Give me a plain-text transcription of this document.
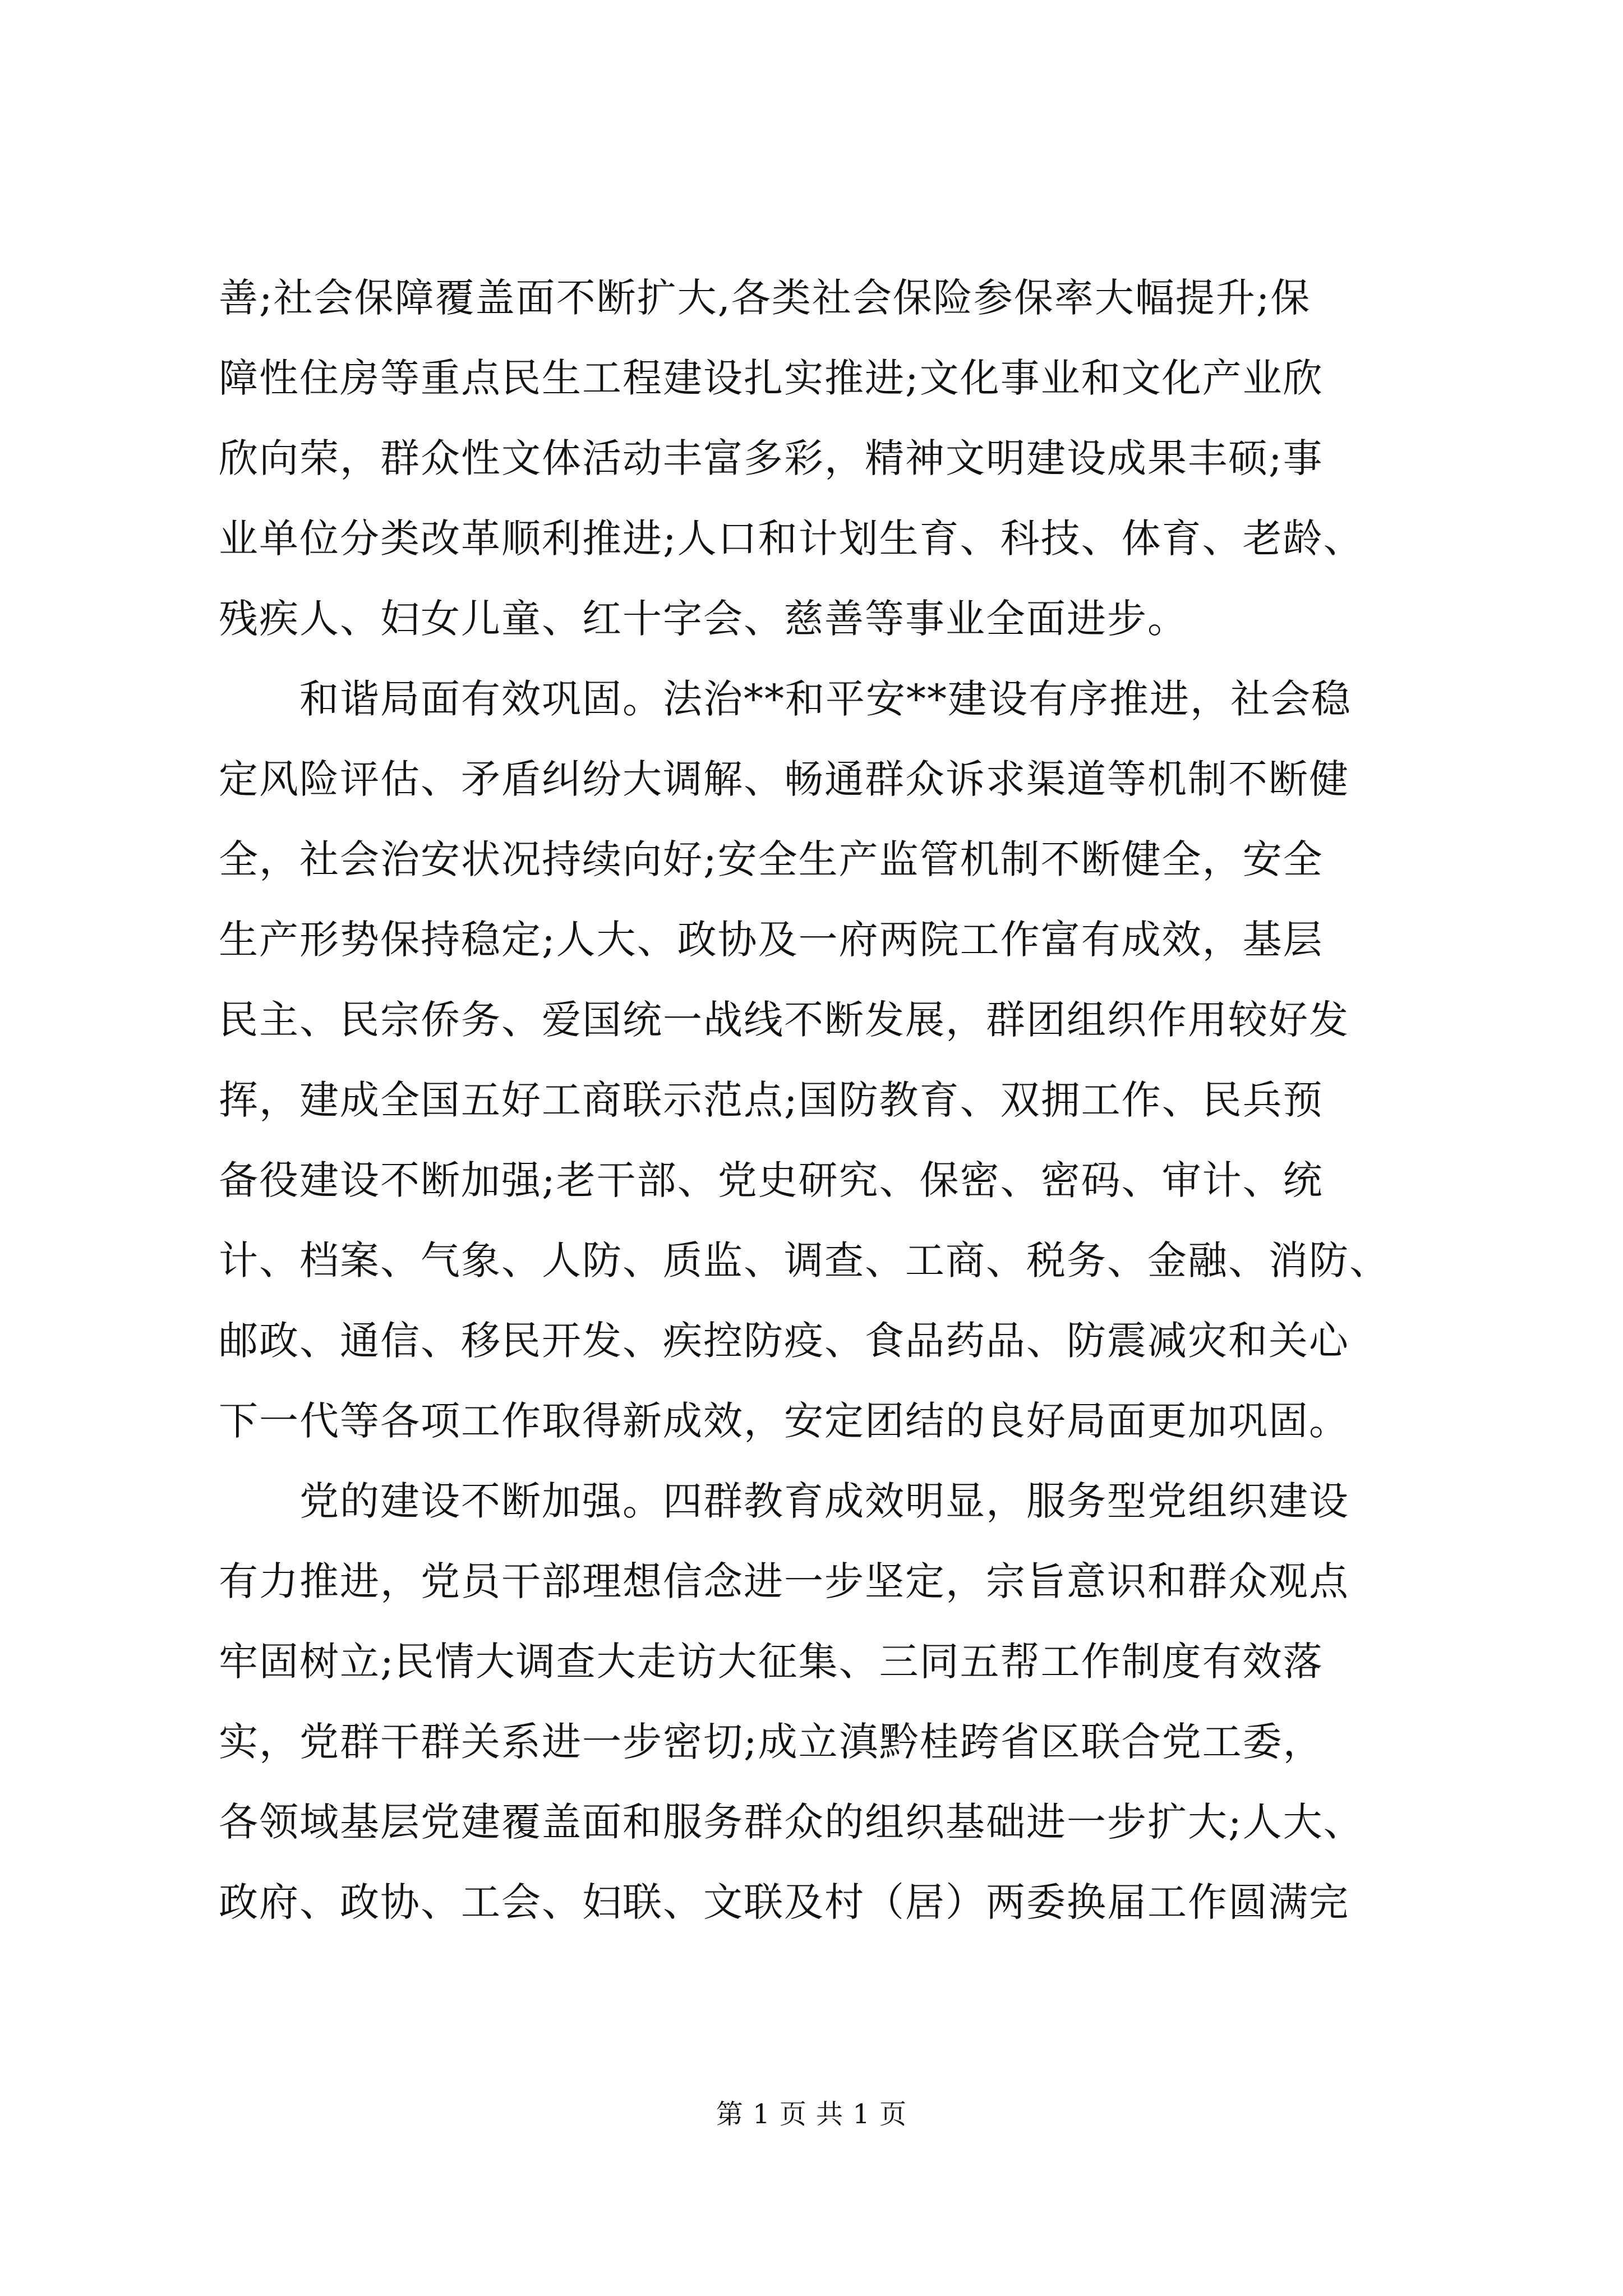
善;社会保障覆盖面不断扩大,各类社会保险参保率大幅提升;保
障性住房等重点民生工程建设扎实推进;文化事业和文化产业欣
欣向荣，群众性文体活动丰富多彩，精神文明建设成果丰硕;事
业单位分类改革顺利推进;人口和计划生育、科技、体育、老龄、
残疾人、妇女儿童、红十字会、慈善等事业全面进步。
　　和谐局面有效巩固。法治**和平安**建设有序推进，社会稳
定风险评估、矛盾纠纷大调解、畅通群众诉求渠道等机制不断健
全，社会治安状况持续向好;安全生产监管机制不断健全，安全
生产形势保持稳定;人大、政协及一府两院工作富有成效，基层
民主、民宗侨务、爱国统一战线不断发展，群团组织作用较好发
挥，建成全国五好工商联示范点;国防教育、双拥工作、民兵预
备役建设不断加强;老干部、党史研究、保密、密码、审计、统
计、档案、气象、人防、质监、调查、工商、税务、金融、消防、
邮政、通信、移民开发、疾控防疫、食品药品、防震减灾和关心
下一代等各项工作取得新成效，安定团结的良好局面更加巩固。
　　党的建设不断加强。四群教育成效明显，服务型党组织建设
有力推进，党员干部理想信念进一步坚定，宗旨意识和群众观点
牢固树立;民情大调查大走访大征集、三同五帮工作制度有效落
实，党群干群关系进一步密切;成立滇黔桂跨省区联合党工委，
各领域基层党建覆盖面和服务群众的组织基础进一步扩大;人大、
政府、政协、工会、妇联、文联及村（居）两委换届工作圆满完
第 1 页 共 1 页
